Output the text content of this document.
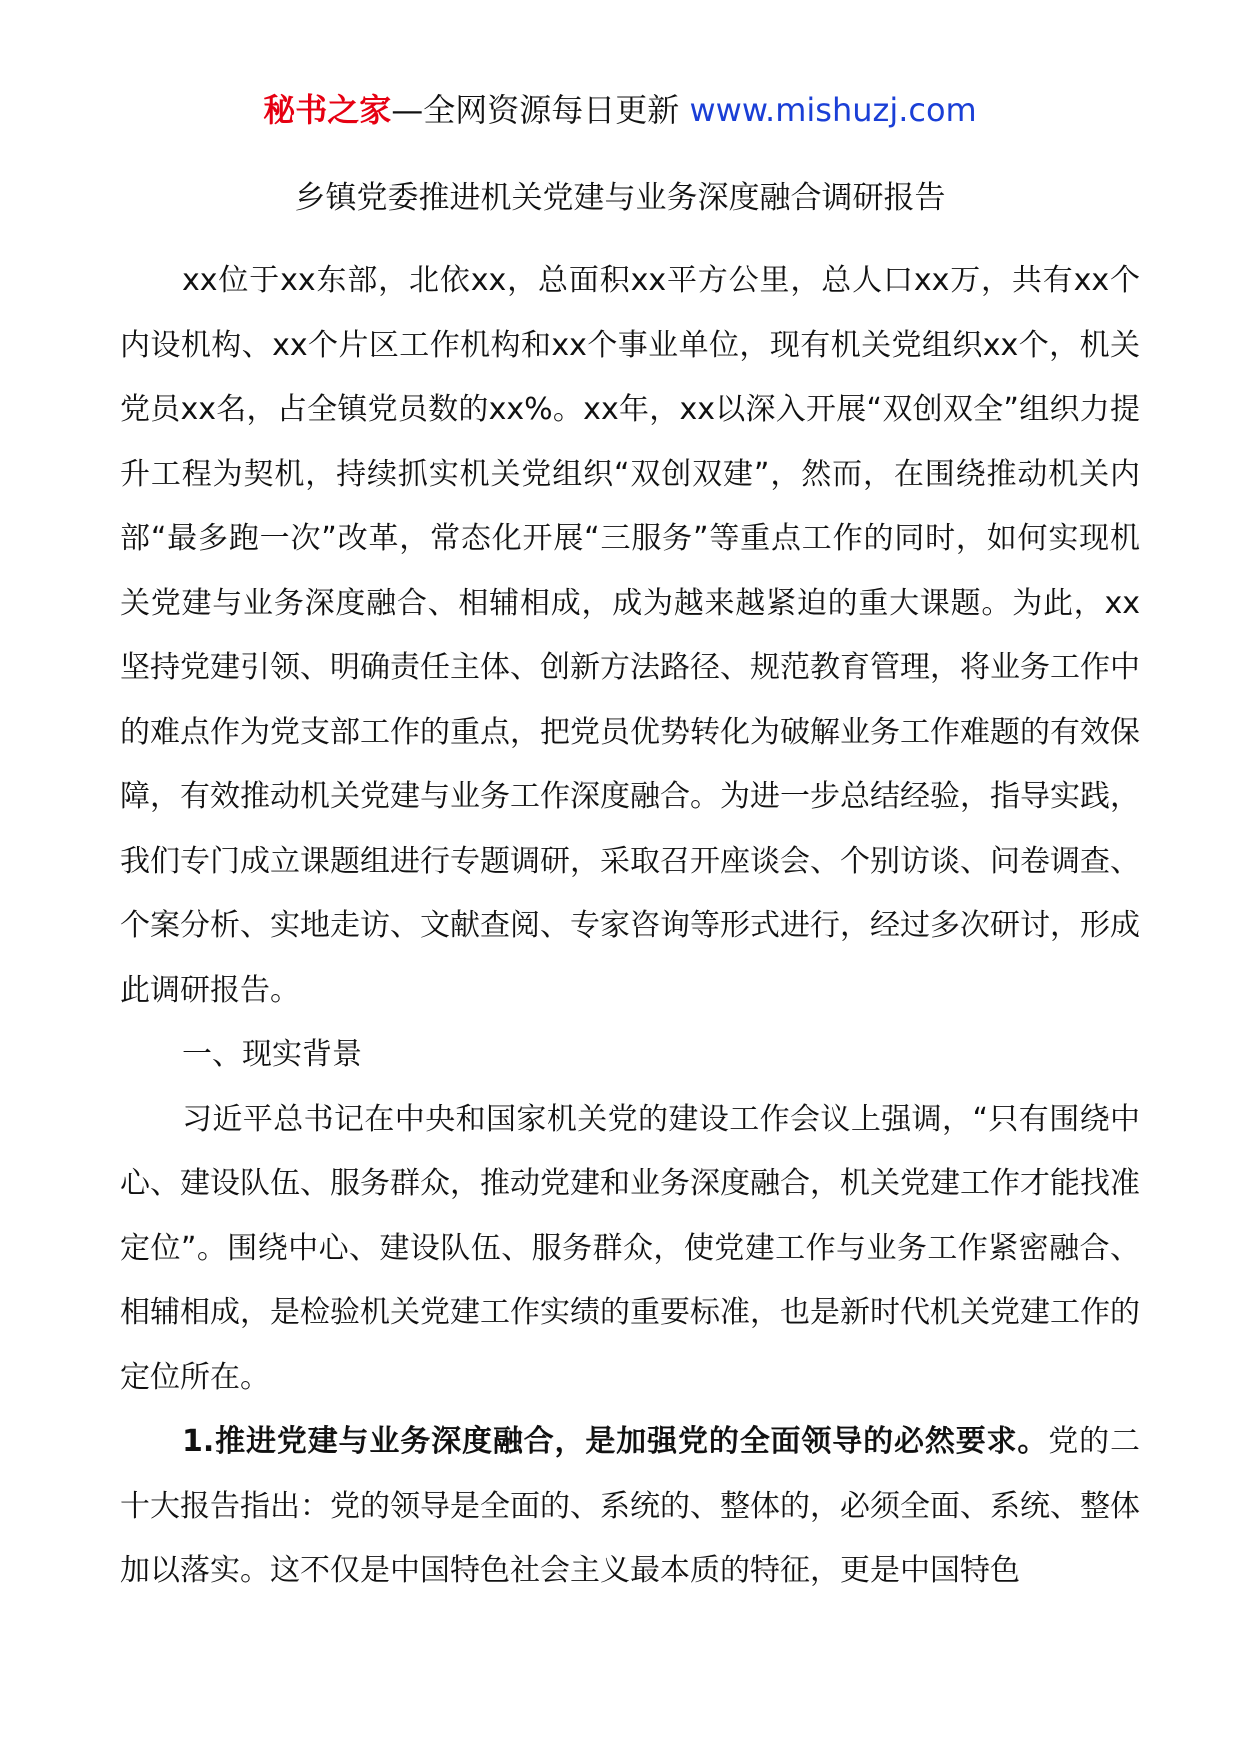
秘书之家—全网资源每日更新 www.mishuzj.com
乡镇党委推进机关党建与业务深度融合调研报告

xx位于xx东部，北依xx，总面积xx平方公里，总人口xx万，共有xx个内设机构、xx个片区工作机构和xx个事业单位，现有机关党组织xx个，机关党员xx名，占全镇党员数的xx%。xx年，xx以深入开展“双创双全”组织力提升工程为契机，持续抓实机关党组织“双创双建”，然而，在围绕推动机关内部“最多跑一次”改革，常态化开展“三服务”等重点工作的同时，如何实现机关党建与业务深度融合、相辅相成，成为越来越紧迫的重大课题。为此，xx坚持党建引领、明确责任主体、创新方法路径、规范教育管理，将业务工作中的难点作为党支部工作的重点，把党员优势转化为破解业务工作难题的有效保障，有效推动机关党建与业务工作深度融合。为进一步总结经验，指导实践，我们专门成立课题组进行专题调研，采取召开座谈会、个别访谈、问卷调查、个案分析、实地走访、文献查阅、专家咨询等形式进行，经过多次研讨，形成此调研报告。

一、现实背景

习近平总书记在中央和国家机关党的建设工作会议上强调，“只有围绕中心、建设队伍、服务群众，推动党建和业务深度融合，机关党建工作才能找准定位”。围绕中心、建设队伍、服务群众，使党建工作与业务工作紧密融合、相辅相成，是检验机关党建工作实绩的重要标准，也是新时代机关党建工作的定位所在。

1.推进党建与业务深度融合，是加强党的全面领导的必然要求。党的二十大报告指出：党的领导是全面的、系统的、整体的，必须全面、系统、整体加以落实。这不仅是中国特色社会主义最本质的特征，更是中国特色
